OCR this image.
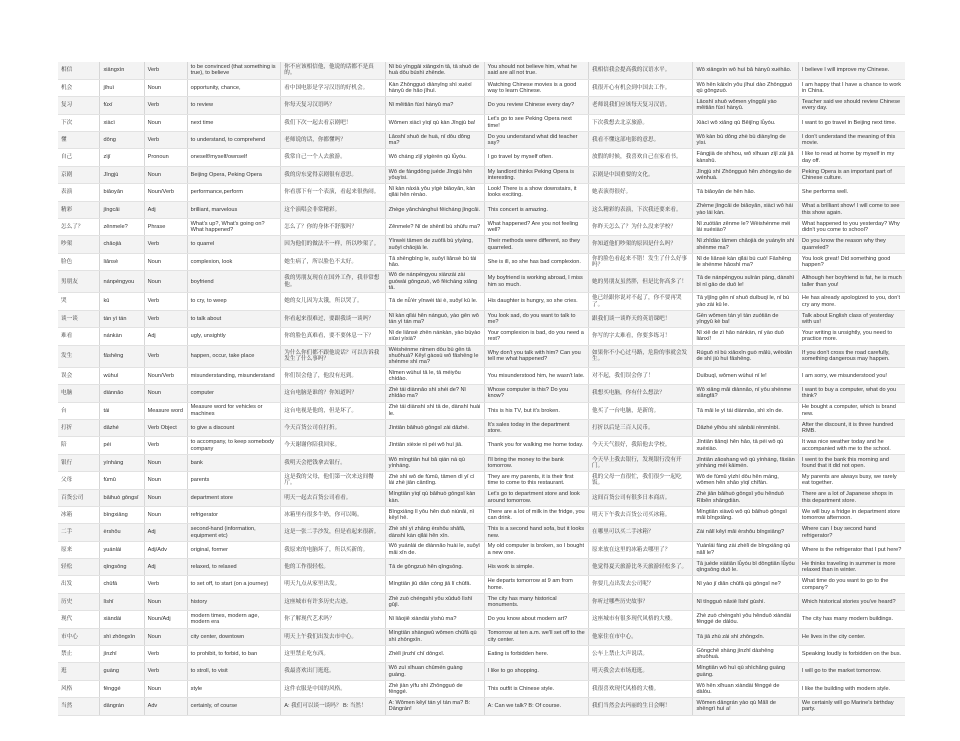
相信	xiāngxìn	Verb	to be convinced (that something is true), to believe	你不应该相信他，他说的话都不是真的。	Nǐ bù yīnggāi xiāngxìn tā, tā shuō de huà dōu búshì zhēnde.	You should not believe him, what he said are all not true.	我相信我会提高我的汉语水平。	Wǒ xiāngxìn wǒ huì bǎ hànyǔ xuéhǎo.	I believe I will improve my Chinese.
机会	jīhuì	Noun	opportunity, chance,	看中国电影是学习汉语的好机会。	Kàn Zhōngguó diànyǐng shì xuéxí hànyǔ de hǎo jīhuì.	Watching Chinese movies is a good way to learn Chinese.	我很开心有机会到中国去工作。	Wǒ hěn kāixīn yǒu jīhuì dào Zhōngguó qù gōngzuò.	I am happy that I have a chance to work in China.
复习	fùxí	Verb	to review	你每天复习汉语吗？	Nǐ měitiān fùxí hànyǔ ma?	Do you review Chinese every day?	老师说我们应该每天复习汉语。	Lǎoshī shuō wǒmen yīnggāi yào měitiān fùxí hànyǔ.	Teacher said we should review Chinese every day.
下次	xiàcì	Noun	next time	我们下次一起去看京剧吧！	Wǒmen xiàcì yìqǐ qù kàn Jīngjù ba!	Let's go to see Peking Opera next time!	下次我想去北京旅游。	Xiàcì wǒ xiǎng qù Běijīng lǚyóu.	I want to go travel in Beijing next time.
懂	dǒng	Verb	to understand, to comprehend	老师说的话，你都懂吗？	Lǎoshī shuō de huà, nǐ dōu dǒng ma?	Do you understand what did teacher say?	我看不懂这部电影的意思。	Wǒ kàn bù dǒng zhè bù diànyǐng de yìsi.	I don't understand the meaning of this movie.
自己	zìjǐ	Pronoun	oneself/myself/ownself	我常自己一个人去旅游。	Wǒ cháng zìjǐ yígèrén qù lǚyóu.	I go travel by myself often.	放假的时候，我喜欢自己在家看书。	Fàngjià de shíhou, wǒ xǐhuan zìjǐ zài jiā kànshū.	I like to read at home by myself in my day off.
京剧	Jīngjù	Noun	Beijing Opera, Peking Opera	我的房东觉得京剧很有意思。	Wǒ de fángdōng juéde Jīngjù hěn yǒuyìsi.	My landlord thinks Peking Opera is interesting.	京剧是中国重要的文化。	Jīngjù shì Zhōngguó hěn zhòngyào de wénhuà.	Peking Opera is an important part of Chinese culture.
表演	biǎoyǎn	Noun/Verb	performance,perform	你看那下有一个表演，看起来很热闹。	Nǐ kàn nàxià yǒu yígè biǎoyǎn, kàn qǐlái hěn rènào.	Look! There is a show downstairs, it looks exciting.	她表演得很好。	Tā biǎoyǎn de hěn hǎo.	She performs well.
精彩	jīngcǎi	Adj	brilliant, marvelous	这个演唱会非常精彩。	Zhège yǎnchànghuì fēicháng jīngcǎi.	This concert is amazing.	这么精彩的表演，下次我还要来看。	Zhème jīngcǎi de biǎoyǎn, xiàcì wǒ hái yào lái kàn.	What a brilliant show! I will come to see this show again.
怎么了？	zěnmele?	Phrase	What's up?, What's going on? What happened?	怎么了？你的身体不舒服吗？	Zěnmele? Nǐ de shēntǐ bù shūfu ma?	What happened? Are you not feeling well?	你昨天怎么了？为什么没来学校？	Nǐ zuótiān zěnme le? Wèishénme méi lái xuéxiào?	What happened to you yesterday? Why didn't you come to school?
吵架	chǎojià	Verb	to quarrel	因为他们的做法不一样，所以吵架了。	Yīnwèi tāmen de zuòfǎ bù yíyàng, suǒyǐ chǎojià le.	Their methods were different, so they quarreled.	你知道他们吵架的原因是什么吗？	Nǐ zhīdào tāmen chǎojià de yuányīn shì shénme ma?	Do you know the reason why they quarreled?
脸色	liǎnsè	Noun	complexion, look	她生病了，所以脸色不太好。	Tā shēngbìng le, suǒyǐ liǎnsè bù tài hǎo.	She is ill, so she has bad complexion.	你的脸色看起来不错！发生了什么好事吗？	Nǐ de liǎnsè kàn qǐlái bú cuò! Fāshēng le shénme hǎoshì ma?	You look great! Did something good happen?
男朋友	nánpéngyou	Noun	boyfriend	我的男朋友现在在国外工作，我非常想他。	Wǒ de nánpéngyou xiànzài zài guówài gōngzuò, wǒ fēicháng xiǎng tā.	My boyfriend is working abroad, I miss him so much.	她的男朋友虽然胖，但是比你高多了！	Tā de nánpéngyou suīrán pàng, dànshì bǐ nǐ gāo de duō le!	Although her boyfriend is fat, he is much taller than you!
哭	kū	Verb	to cry, to weep	她的女儿因为太饿，所以哭了。	Tā de nǚ'ér yīnwèi tài è, suǒyǐ kū le.	His daughter is hungry, so she cries.	他已经跟你说对不起了，你不要再哭了。	Tā yǐjīng gēn nǐ shuō duìbuqǐ le, nǐ bú yào zài kū le.	He has already apologized to you, don't cry any more.
谈一谈	tán yì tán	Verb	to talk about	你看起来很难过，要跟我谈一谈吗？	Nǐ kàn qǐlái hěn nánguò, yào gēn wǒ tán yì tán ma?	You look sad, do you want to talk to me?	跟我们谈一谈昨天的英语课吧！	Gēn wǒmen tán yì tán zuótiān de yīngyǔ kè ba!	Talk about English class of yesterday with us!
难看	nánkàn	Adj	ugly, unsightly	你的脸色真难看，要不要休息一下？	Nǐ de liǎnsè zhēn nánkàn, yào búyào xiūxi yíxià?	Your complexion is bad, do you need a rest?	你写的字太难看，你要多练习！	Nǐ xiě de zì hǎo nánkàn, nǐ yào duō liànxí!	Your writing is unsightly, you need to practice more.
发生	fāshēng	Verb	happen, occur, take place	为什么你们都不跟他说话？可以告诉我发生了什么事吗？	Wèishénme nǐmen dōu bù gēn tā shuōhuà? Kěyǐ gàosù wǒ fāshēng le shénme shì ma?	Why don't you talk with him? Can you tell me what happened?	如果你不小心过马路，危险的事就会发生。	Rúguǒ nǐ bù xiǎoxīn guò mǎlù, wēixiǎn de shì jiù huì fāshēng.	If you don't cross the road carefully, something dangerous may happen.
误会	wùhuì	Noun/Verb	misunderstanding, misunderstand	你们误会他了，他没有迟到。	Nǐmen wùhuì tā le, tā méiyǒu chídào.	You misunderstood him, he wasn't late.	对不起，我们误会你了！	Duìbuqǐ, wǒmen wùhuì nǐ le!	I am sorry, we misunderstood you!
电脑	diànnǎo	Noun	computer	这台电脑是谁的？你知道吗？	Zhè tái diànnǎo shì shéi de? Nǐ zhīdào ma?	Whose computer is this? Do you know?	我想买电脑，你有什么想法？	Wǒ xiǎng mǎi diànnǎo, nǐ yǒu shénme xiǎngfǎ?	I want to buy a computer, what do you think?
台	tái	Measure word	Measure word for vehicles or machines	这台电视是他的，但是坏了。	Zhè tái diànshì shì tā de, dànshì huài le.	This is his TV, but it's broken.	他买了一台电脑，是新的。	Tā mǎi le yì tái diànnǎo, shì xīn de.	He bought a computer, which is brand new.
打折	dǎzhé	Verb Object	to give a discount	今天百货公司在打折。	Jīntiān bǎihuò gōngsī zài dǎzhé.	It's sales today in the department store.	打折以后是三百人民币。	Dǎzhé yǐhòu shì sānbǎi rénmínbì.	After the discount, it is three hundred RMB.
陪	péi	Verb	to accompany, to keep somebody company	今天谢谢你陪我回家。	Jīntiān xièxie nǐ péi wǒ huí jiā.	Thank you for walking me home today.	今天天气很好，我陪他去学校。	Jīntiān tiānqì hěn hǎo, tā péi wǒ qù xuéxiào.	It was nice weather today and he accompanied with me to the school.
银行	yínháng	Noun	bank	我明天会把钱拿去银行。	Wǒ míngtiān huì bǎ qián ná qù yínháng.	I'll bring the money to the bank tomorrow.	今天早上我去银行，发现银行没有开门。	Jīntiān zǎoshang wǒ qù yínháng, fāxiàn yínháng méi kāimén.	I went to the bank this morning and found that it did not open.
父母	fùmǔ	Noun	parents	这是我的父母，他们第一次来这间餐厅。	Zhè shì wǒ de fùmǔ, tāmen dì yī cì lái zhè jiān cāntīng.	They are my parents, it is their first time to come to this restaurant.	我的父母一直很忙，我们很少一起吃饭。	Wǒ de fùmǔ yìzhí dōu hěn máng, wǒmen hěn shǎo yìqǐ chīfàn.	My parents are always busy, we rarely eat together.
百货公司	bǎihuò gōngsī	Noun	department store	明天一起去百货公司看看。	Míngtiān yìqǐ qù bǎihuò gōngsī kàn kàn.	Let's go to department store and look around tomorrow.	这间百货公司有很多日本商店。	Zhè jiān bǎihuò gōngsī yǒu hěnduō Rìběn shāngdiàn.	There are a lot of Japanese shops in this department store.
冰箱	bīngxiāng	Noun	refrigerator	冰箱里有很多牛奶，你可以喝。	Bīngxiāng lǐ yǒu hěn duō niúnǎi, nǐ kěyǐ hē.	There are a lot of milk in the fridge, you can drink.	明天下午我去百货公司买冰箱。	Míngtiān xiàwǔ wǒ qù bǎihuò gōngsī mǎi bīngxiāng.	We will buy a fridge in department store tomorrow afternoon.
二手	èrshǒu	Adj	second-hand (information, equipment etc)	这是一张二手沙发，但是看起来很新。	Zhè shì yì zhāng èrshǒu shāfā, dànshì kàn qǐlái hěn xīn.	This is a second hand sofa, but it looks new.	在哪里可以买二手冰箱？	Zài nǎlǐ kěyǐ mǎi èrshǒu bīngxiāng?	Where can I buy second hand refrigerator?
原来	yuánlái	Adj/Adv	original, former	我原来的电脑坏了，所以买新的。	Wǒ yuánlái de diànnǎo huài le, suǒyǐ mǎi xīn de.	My old computer is broken, so I bought a new one.	原来放在这里的冰箱去哪里了？	Yuánlái fàng zài zhèlǐ de bīngxiāng qù nǎlǐ le?	Where is the refrigerator that I put here?
轻松	qīngsōng	Adj	relaxed, to relaxed	他的工作很轻松。	Tā de gōngzuò hěn qīngsōng.	His work is simple.	他觉得夏天旅游比冬天旅游轻松多了。	Tā juéde xiàtiān lǚyóu bǐ dōngtiān lǚyóu qīngsōng duō le.	He thinks traveling in summer is more relaxed than in winter.
出发	chūfā	Verb	to set off, to start (on a journey)	明天九点从家里出发。	Míngtiān jiǔ diǎn cóng jiā lǐ chūfā.	He departs tomorrow at 9 am from home.	你要几点出发去公司呢？	Nǐ yào jǐ diǎn chūfā qù gōngsī ne?	What time do you want to go to the company?
历史	lìshǐ	Noun	history	这座城市有许多历史古迹。	Zhè zuò chéngshì yǒu xǔduō lìshǐ gǔjì.	The city has many historical monuments.	你听过哪些历史故事？	Nǐ tīngguò nǎxiē lìshǐ gùshì.	Which historical stories you've heard?
现代	xiàndài	Noun/Adj	modern times, modern age, modern era	你了解现代艺术吗？	Nǐ liǎojiě xiàndài yìshù ma?	Do you know about modern art?	这座城市有很多现代风格的大楼。	Zhè zuò chéngshì yǒu hěnduō xiàndài fēnggé de dàlóu.	The city has many modern buildings.
市中心	shì zhōngxīn	Noun	city center, downtown	明天上午我们出发去市中心。	Míngtiān shàngwǔ wǒmen chūfā qù shì zhōngxīn.	Tomorrow at ten a.m. we'll set off to the city center.	他家住在市中心。	Tā jiā zhù zài shì zhōngxīn.	He lives in the city center.
禁止	jìnzhǐ	Verb	to prohibit, to forbid, to ban	这里禁止吃东西。	Zhèlǐ jìnzhǐ chī dōngxī.	Eating is forbidden here.	公车上禁止大声说话。	Gōngchē shàng jìnzhǐ dàshēng shuōhuà.	Speaking loudly is forbidden on the bus.
逛	guàng	Verb	to stroll, to visit	我最喜欢出门逛逛。	Wǒ zuì xǐhuan chūmén guàng guàng.	I like to go shopping.	明天我会去市场逛逛。	Míngtiān wǒ huì qù shìchǎng guàng guàng.	I will go to the market tomorrow.
风格	fēnggé	Noun	style	这件衣服是中国的风格。	Zhè jiàn yīfu shì Zhōngguó de fēnggé.	This outfit is Chinese style.	我很喜欢现代风格的大楼。	Wǒ hěn xǐhuan xiàndài fēnggé de dàlóu.	I like the building with modern style.
当然	dāngrán	Adv	certainly, of course	A: 我们可以谈一谈吗？ B: 当然！	A: Wǒmen kěyǐ tán yì tán ma? B: Dāngrán!	A: Can we talk? B: Of course.	我们当然会去玛丽的生日会啊！	Wǒmen dāngrán yào qù Mǎlì de shēngrì huì a!	We certainly will go Marine's birthday party.
